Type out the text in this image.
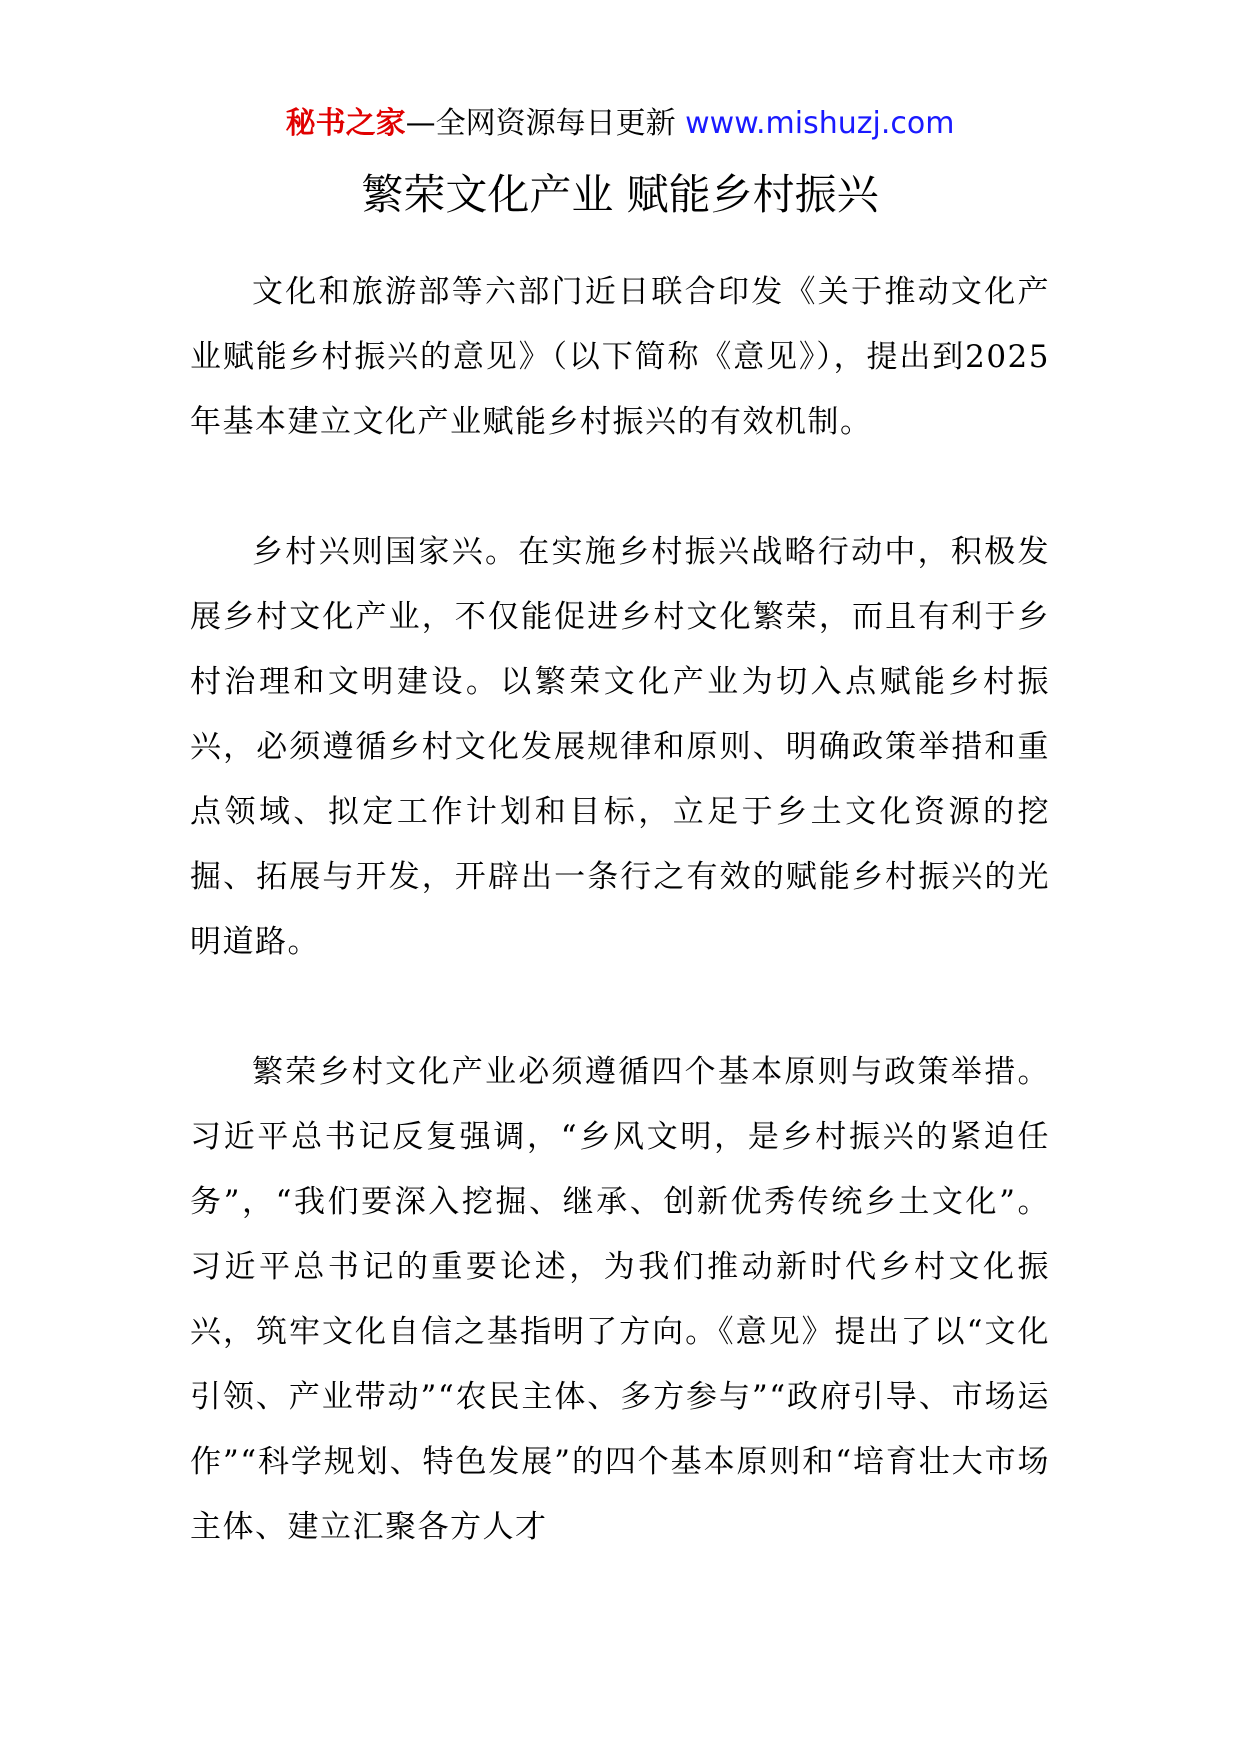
秘书之家—全网资源每日更新 www.mishuzj.com
繁荣文化产业 赋能乡村振兴

文化和旅游部等六部门近日联合印发《关于推动文化产业赋能乡村振兴的意见》（以下简称《意见》），提出到2025年基本建立文化产业赋能乡村振兴的有效机制。

乡村兴则国家兴。在实施乡村振兴战略行动中，积极发展乡村文化产业，不仅能促进乡村文化繁荣，而且有利于乡村治理和文明建设。以繁荣文化产业为切入点赋能乡村振兴，必须遵循乡村文化发展规律和原则、明确政策举措和重点领域、拟定工作计划和目标，立足于乡土文化资源的挖掘、拓展与开发，开辟出一条行之有效的赋能乡村振兴的光明道路。

繁荣乡村文化产业必须遵循四个基本原则与政策举措。习近平总书记反复强调，“乡风文明，是乡村振兴的紧迫任务”，“我们要深入挖掘、继承、创新优秀传统乡土文化”。习近平总书记的重要论述，为我们推动新时代乡村文化振兴，筑牢文化自信之基指明了方向。《意见》提出了以“文化引领、产业带动”“农民主体、多方参与”“政府引导、市场运作”“科学规划、特色发展”的四个基本原则和“培育壮大市场主体、建立汇聚各方人才
